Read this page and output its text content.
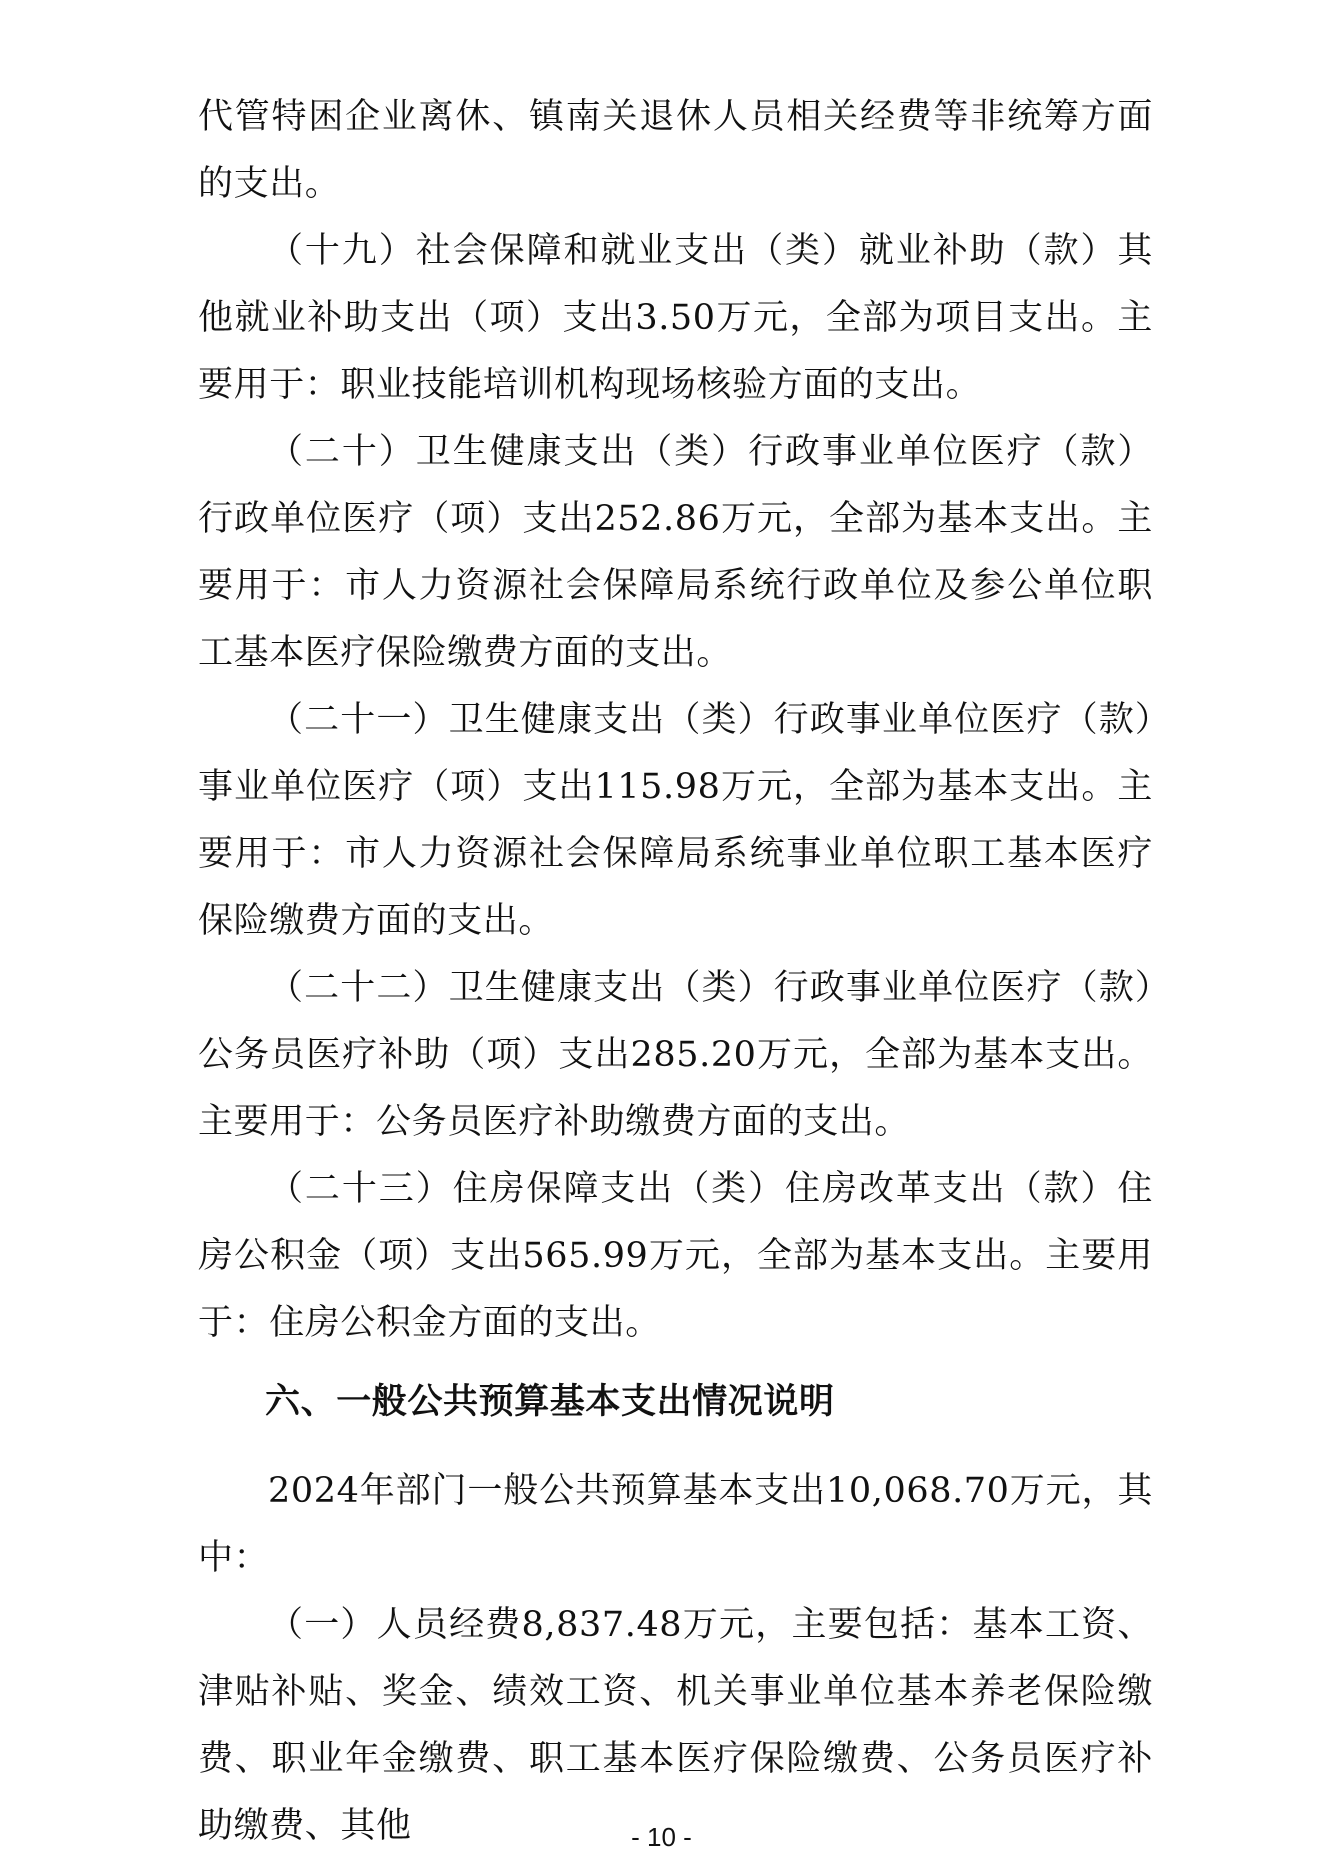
代管特困企业离休、镇南关退休人员相关经费等非统筹方面的支出。

（十九）社会保障和就业支出（类）就业补助（款）其他就业补助支出（项）支出3.50万元，全部为项目支出。主要用于：职业技能培训机构现场核验方面的支出。

（二十）卫生健康支出（类）行政事业单位医疗（款）行政单位医疗（项）支出252.86万元，全部为基本支出。主要用于：市人力资源社会保障局系统行政单位及参公单位职工基本医疗保险缴费方面的支出。

（二十一）卫生健康支出（类）行政事业单位医疗（款）事业单位医疗（项）支出115.98万元，全部为基本支出。主要用于：市人力资源社会保障局系统事业单位职工基本医疗保险缴费方面的支出。

（二十二）卫生健康支出（类）行政事业单位医疗（款）公务员医疗补助（项）支出285.20万元，全部为基本支出。主要用于：公务员医疗补助缴费方面的支出。

（二十三）住房保障支出（类）住房改革支出（款）住房公积金（项）支出565.99万元，全部为基本支出。主要用于：住房公积金方面的支出。

六、一般公共预算基本支出情况说明

2024年部门一般公共预算基本支出10,068.70万元，其中：

（一）人员经费8,837.48万元，主要包括：基本工资、津贴补贴、奖金、绩效工资、机关事业单位基本养老保险缴费、职业年金缴费、职工基本医疗保险缴费、公务员医疗补助缴费、其他	- 10 -
